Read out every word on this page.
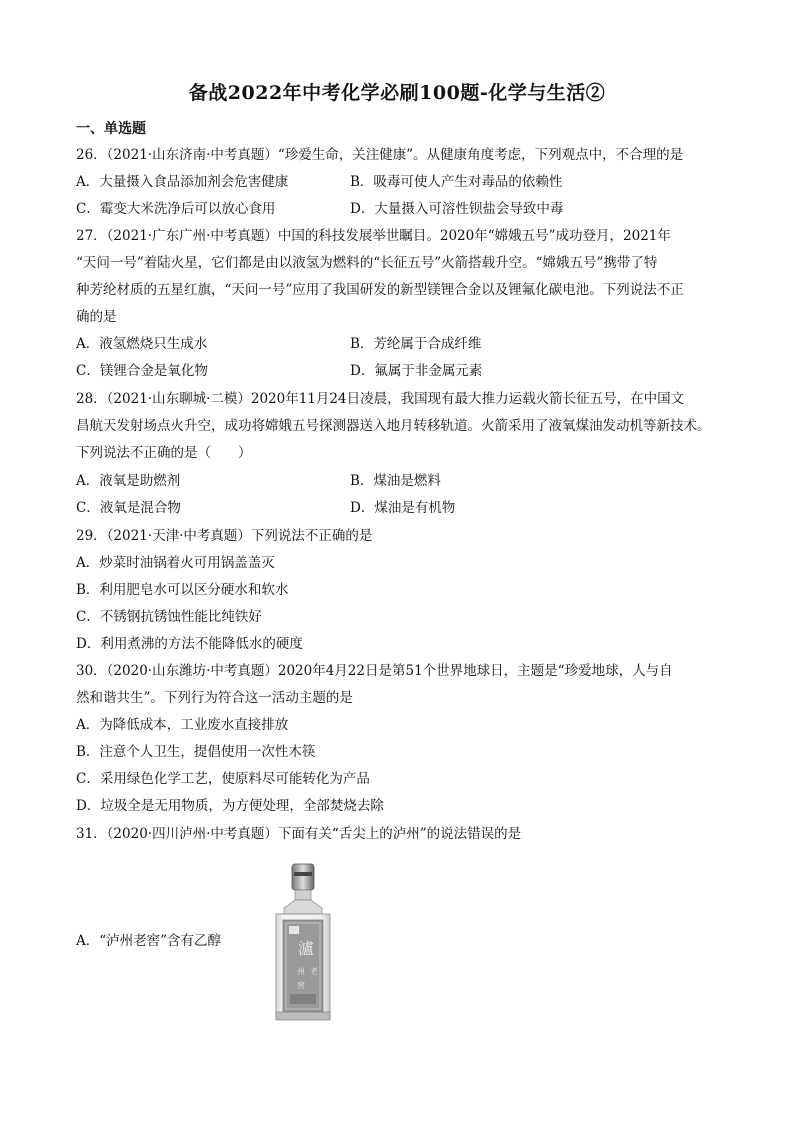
备战2022年中考化学必刷100题-化学与生活②
一、单选题
26．（2021·山东济南·中考真题）“珍爱生命，关注健康”。从健康角度考虑，下列观点中，不合理的是
A．大量摄入食品添加剂会危害健康	B．吸毒可使人产生对毒品的依赖性
C．霉变大米洗净后可以放心食用	D．大量摄入可溶性钡盐会导致中毒
27．（2021·广东广州·中考真题）中国的科技发展举世瞩目。2020年“嫦娥五号”成功登月，2021年
“天问一号”着陆火星，它们都是由以液氢为燃料的“长征五号”火箭搭载升空。“嫦娥五号”携带了特
种芳纶材质的五星红旗，“天问一号”应用了我国研发的新型镁锂合金以及锂氟化碳电池。下列说法不正
确的是
A．液氢燃烧只生成水	B．芳纶属于合成纤维
C．镁锂合金是氧化物	D．氟属于非金属元素
28．（2021·山东聊城·二模）2020年11月24日凌晨，我国现有最大推力运载火箭长征五号，在中国文
昌航天发射场点火升空，成功将嫦娥五号探测器送入地月转移轨道。火箭采用了液氧煤油发动机等新技术。
下列说法不正确的是（　　）
A．液氧是助燃剂	B．煤油是燃料
C．液氧是混合物	D．煤油是有机物
29．（2021·天津·中考真题）下列说法不正确的是
A．炒菜时油锅着火可用锅盖盖灭
B．利用肥皂水可以区分硬水和软水
C．不锈钢抗锈蚀性能比纯铁好
D．利用煮沸的方法不能降低水的硬度
30．（2020·山东潍坊·中考真题）2020年4月22日是第51个世界地球日，主题是“珍爱地球，人与自
然和谐共生”。下列行为符合这一活动主题的是
A．为降低成本，工业废水直接排放
B．注意个人卫生，提倡使用一次性木筷
C．采用绿色化学工艺，使原料尽可能转化为产品
D．垃圾全是无用物质，为方便处理，全部焚烧去除
31．（2020·四川泸州·中考真题）下面有关“舌尖上的泸州”的说法错误的是
A．“泸州老窖”含有乙醇	瀘
州 老
窖
